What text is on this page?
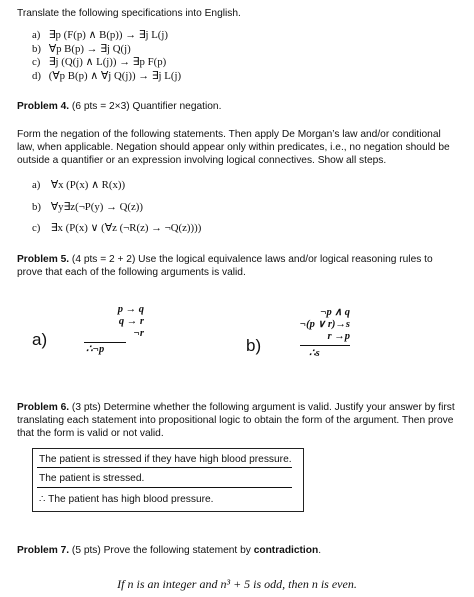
Translate the following specifications into English.
a) ∃p (F(p) ∧ B(p)) → ∃j L(j)
b) ∀p B(p) → ∃j Q(j)
c) ∃j (Q(j) ∧ L(j)) → ∃p F(p)
d) (∀p B(p) ∧ ∀j Q(j)) → ∃j L(j)
Problem 4. (6 pts = 2×3) Quantifier negation.
Form the negation of the following statements. Then apply De Morgan’s law and/or conditional law, when applicable. Negation should appear only within predicates, i.e., no negation should be outside a quantifier or an expression involving logical connectives. Show all steps.
a) ∀x (P(x) ∧ R(x))
b) ∀y∃z(¬P(y) → Q(z))
c) ∃x (P(x) ∨ (∀z (¬R(z) → ¬Q(z))))
Problem 5. (4 pts = 2 + 2) Use the logical equivalence laws and/or logical reasoning rules to prove that each of the following arguments is valid.
a)
p → q
q → r
¬r
∴¬p	b)
¬p ∧ q
¬(p ∨ r)→s
r →p
∴s
Problem 6. (3 pts) Determine whether the following argument is valid. Justify your answer by first translating each statement into propositional logic to obtain the form of the argument. Then prove that the form is valid or not valid.
The patient is stressed if they have high blood pressure.
The patient is stressed.
∴ The patient has high blood pressure.
Problem 7. (5 pts) Prove the following statement by contradiction.
If n is an integer and n³ + 5 is odd, then n is even.
